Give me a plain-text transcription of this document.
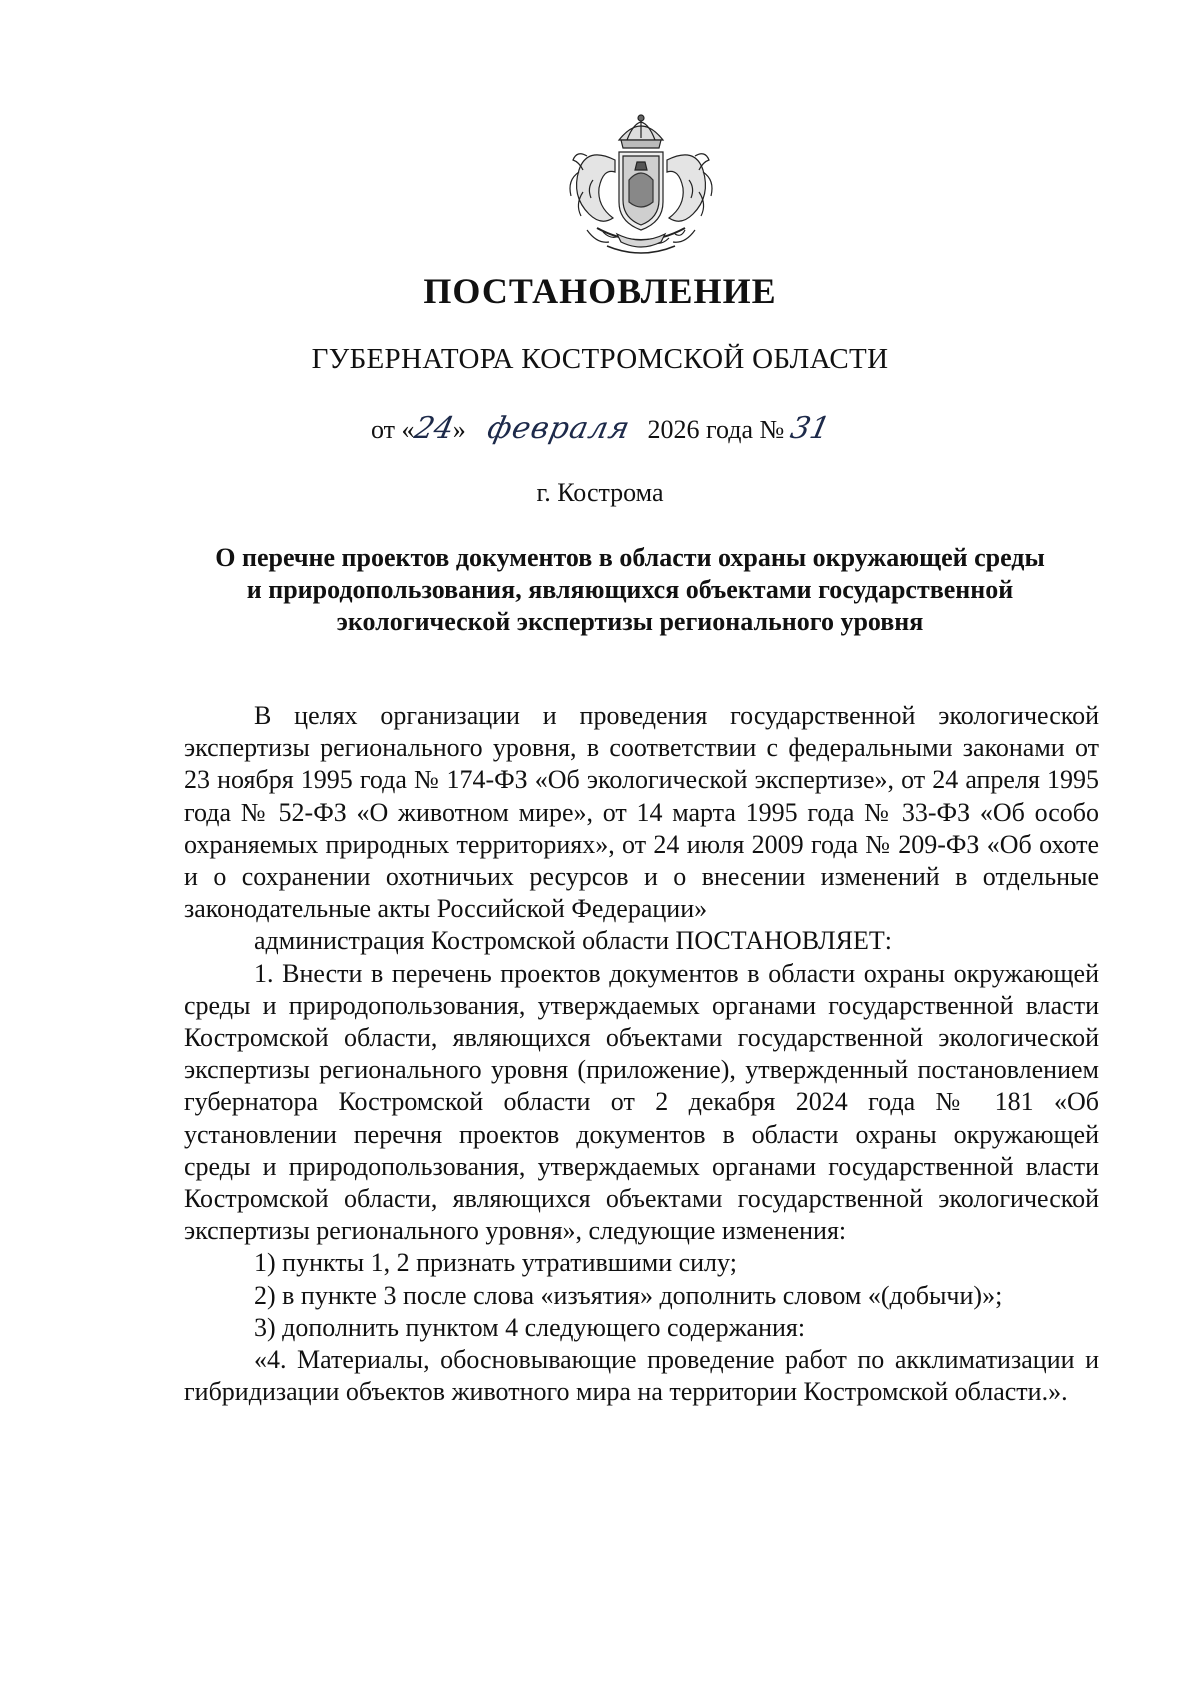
ПОСТАНОВЛЕНИЕ
ГУБЕРНАТОРА КОСТРОМСКОЙ ОБЛАСТИ
от «24» февраля 2026 года № 31
г. Кострома
О перечне проектов документов в области охраны окружающей среды
и природопользования, являющихся объектами государственной
экологической экспертизы регионального уровня

В целях организации и проведения государственной экологической экспертизы регионального уровня, в соответствии с федеральными законами от 23 ноября 1995 года № 174-ФЗ «Об экологической экспертизе», от 24 апреля 1995 года № 52-ФЗ «О животном мире», от 14 марта 1995 года № 33-ФЗ «Об особо охраняемых природных территориях», от 24 июля 2009 года № 209-ФЗ «Об охоте и о сохранении охотничьих ресурсов и о внесении изменений в отдельные законодательные акты Российской Федерации»

администрация Костромской области ПОСТАНОВЛЯЕТ:

1. Внести в перечень проектов документов в области охраны окружающей среды и природопользования, утверждаемых органами государственной власти Костромской области, являющихся объектами государственной экологической экспертизы регионального уровня (приложение), утвержденный постановлением губернатора Костромской области от 2 декабря 2024 года № 181 «Об установлении перечня проектов документов в области охраны окружающей среды и природопользования, утверждаемых органами государственной власти Костромской области, являющихся объектами государственной экологической экспертизы регионального уровня», следующие изменения:

1) пункты 1, 2 признать утратившими силу;

2) в пункте 3 после слова «изъятия» дополнить словом «(добычи)»;

3) дополнить пунктом 4 следующего содержания:

«4. Материалы, обосновывающие проведение работ по акклиматизации и гибридизации объектов животного мира на территории Костромской области.».
